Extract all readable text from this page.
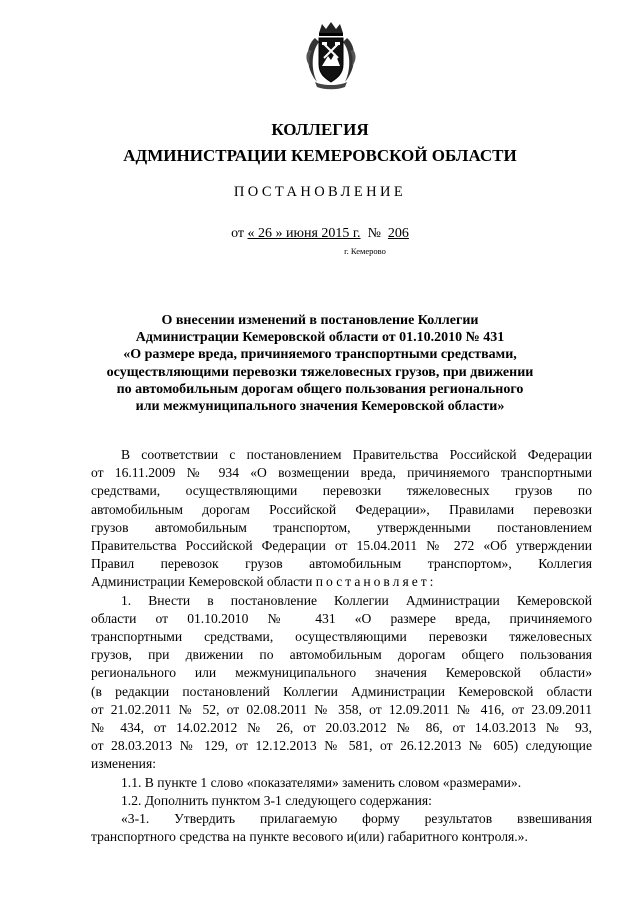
КОЛЛЕГИЯ
АДМИНИСТРАЦИИ КЕМЕРОВСКОЙ ОБЛАСТИ
ПОСТАНОВЛЕНИЕ
от « 26 » июня 2015 г. № 206
г. Кемерово
О внесении изменений в постановление Коллегии
Администрации Кемеровской области от 01.10.2010 № 431
«О размере вреда, причиняемого транспортными средствами,
осуществляющими перевозки тяжеловесных грузов, при движении
по автомобильным дорогам общего пользования регионального
или межмуниципального значения Кемеровской области»

В соответствии с постановлением Правительства Российской Федерации

от 16.11.2009 № 934 «О возмещении вреда, причиняемого транспортными

средствами, осуществляющими перевозки тяжеловесных грузов по

автомобильным дорогам Российской Федерации», Правилами перевозки

грузов автомобильным транспортом, утвержденными постановлением

Правительства Российской Федерации от 15.04.2011 № 272 «Об утверждении

Правил перевозок грузов автомобильным транспортом», Коллегия

Администрации Кемеровской области постановляет:

1. Внести в постановление Коллегии Администрации Кемеровской

области от 01.10.2010 № 431 «О размере вреда, причиняемого

транспортными средствами, осуществляющими перевозки тяжеловесных

грузов, при движении по автомобильным дорогам общего пользования

регионального или межмуниципального значения Кемеровской области»

(в редакции постановлений Коллегии Администрации Кемеровской области

от 21.02.2011 № 52, от 02.08.2011 № 358, от 12.09.2011 № 416, от 23.09.2011

№ 434, от 14.02.2012 № 26, от 20.03.2012 № 86, от 14.03.2013 № 93,

от 28.03.2013 № 129, от 12.12.2013 № 581, от 26.12.2013 № 605) следующие

изменения:

1.1. В пункте 1 слово «показателями» заменить словом «размерами».

1.2. Дополнить пунктом 3-1 следующего содержания:

«3-1. Утвердить прилагаемую форму результатов взвешивания

транспортного средства на пункте весового и(или) габаритного контроля.».
